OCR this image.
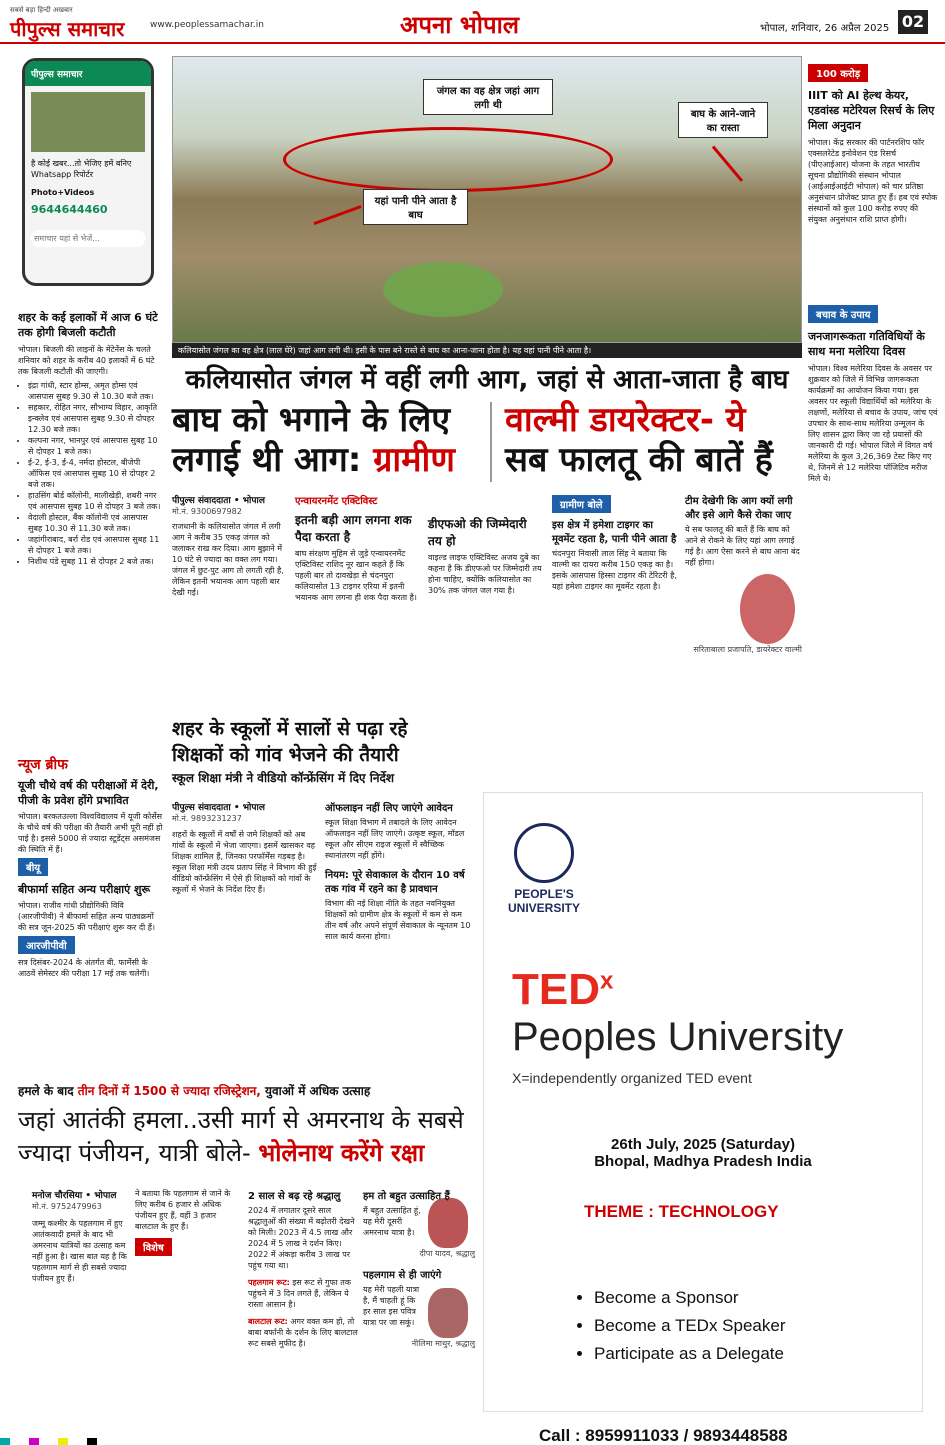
सबसे बड़ा हिन्दी अखबार
पीपुल्स समाचार	www.peoplessamachar.in	अपना भोपाल	भोपाल, शनिवार, 26 अप्रैल 2025 02
पीपुल्स समाचार
है कोई खबर...तो भेजिए हमें बनिए Whatsapp रिपोर्टर
Photo+Videos
9644644460
समाचार यहां से भेजें...
शहर के कई इलाकों में आज 6 घंटे तक होगी बिजली कटौती
भोपाल। बिजली की लाइनों के मेंटेनेंस के चलते शनिवार को शहर के करीब 40 इलाकों में 6 घंटे तक बिजली कटौती की जाएगी।
• इंद्रा गांधी, स्टार होम्स, अमृत होम्स एवं आसपास सुबह 9.30 से 10.30 बजे तक।
• सहकार, रोहित नगर, सौभाग्य विहार, आकृति इन्क्लेव एवं आसपास सुबह 9.30 से दोपहर 12.30 बजे तक।
• कल्पना नगर, भानपुर एवं आसपास सुबह 10 से दोपहर 1 बजे तक।
• ई-2, ई-3, ई-4, नर्मदा होस्टल, बीजेपी ऑफिस एवं आसपास सुबह 10 से दोपहर 2 बजे तक।
• हाउसिंग बोर्ड कॉलोनी, मालीखेड़ी, शबरी नगर एवं आसपास सुबह 10 से दोपहर 3 बजे तक।
• वेदाली होस्टल, बैंक कॉलोनी एवं आसपास सुबह 10.30 से 11.30 बजे तक।
• जहांगीराबाद, बर्रा रोड एवं आसपास सुबह 11 से दोपहर 1 बजे तक।
• निशीथ पंडे सुबह 11 से दोपहर 2 बजे तक।
न्यूज ब्रीफ
यूजी चौथे वर्ष की परीक्षाओं में देरी, पीजी के प्रवेश होंगे प्रभावित
भोपाल। बरकतउल्ला विश्वविद्यालय में यूजी कोर्सेस के चौथे वर्ष की परीक्षा की तैयारी अभी पूरी नहीं हो पाई है। इससे 5000 से ज्यादा स्टूडेंट्स असमंजस की स्थिति में हैं।
बीयू
बीफार्मा सहित अन्य परीक्षाएं शुरू
भोपाल। राजीव गांधी प्रौद्योगिकी विवि (आरजीपीवी) ने बीफार्मा सहित अन्य पाठ्यक्रमों की सत्र जून-2025 की परीक्षाएं शुरू कर दी हैं।
आरजीपीवी
सत्र दिसंबर-2024 के अंतर्गत बी. फार्मेसी के आठवें सेमेस्टर की परीक्षा 17 मई तक चलेगी।
जंगल का वह क्षेत्र जहां आग लगी थी
बाघ के आने-जाने का रास्ता
यहां पानी पीने आता है बाघ
कलियासोत जंगल का वह क्षेत्र (लाल घेरे) जहां आग लगी थी। इसी के पास बने रास्ते से बाघ का आना-जाना होता है। यह वहां पानी पीने आता है।
कलियासोत जंगल में वहीं लगी आग, जहां से आता-जाता है बाघ
बाघ को भगाने के लिए
लगाई थी आग: ग्रामीण
वाल्मी डायरेक्टर- ये
सब फालतू की बातें हैं
पीपुल्स संवाददाता • भोपाल
मो.नं. 9300697982
राजधानी के कलियासोत जंगल में लगी आग ने करीब 35 एकड़ जंगल को जलाकर राख कर दिया। आग बुझाने में 10 घंटे से ज्यादा का वक्त लग गया। जंगल में छुट-पुट आग तो लगती रही है, लेकिन इतनी भयानक आग पहली बार देखी गई।
एन्वायरनमेंट एक्टिविस्ट
इतनी बड़ी आग लगना शक पैदा करता है
बाघ संरक्षण मुहिम से जुड़े एन्वायरनमेंट एक्टिविस्ट राशिद नूर खान कहते हैं कि पहली बार तो दावखेड़ा से चंदनपुरा कलियासोत 13 टाइगर एरिया में इतनी भयानक आग लगना ही शक पैदा करता है।
डीएफओ की जिम्मेदारी तय हो
वाइल्ड लाइफ एक्टिविस्ट अजय दुबे का कहना है कि डीएफओ पर जिम्मेदारी तय होना चाहिए, क्योंकि कलियासोत का 30% तक जंगल जल गया है।
ग्रामीण बोले
इस क्षेत्र में हमेशा टाइगर का मूवमेंट रहता है, पानी पीने आता है
चंदनपुरा निवासी लाल सिंह ने बताया कि वाल्मी का दायरा करीब 150 एकड़ का है। इसके आसपास हिस्सा टाइगर की टेरिटरी है, यहां हमेशा टाइगर का मूवमेंट रहता है।
टीम देखेगी कि आग क्यों लगी और इसे आगे कैसे रोका जाए
ये सब फालतू की बातें हैं कि बाघ को आने से रोकने के लिए यहां आग लगाई गई है। आग ऐसा करने से बाघ आना बंद नहीं होगा।
सरिताबाला प्रजापति, डायरेक्टर वाल्मी
100 करोड़
IIIT को AI हेल्थ केयर, एडवांस्ड मटेरियल रिसर्च के लिए मिला अनुदान
भोपाल। केंद्र सरकार की पार्टनरशिप फॉर एक्सलरेटेड इनोवेशन एंड रिसर्च (पीएआईआर) योजना के तहत भारतीय सूचना प्रौद्योगिकी संस्थान भोपाल (आईआईआईटी भोपाल) को चार प्रतिष्ठा अनुसंधान प्रोजेक्ट प्राप्त हुए हैं। हब एवं स्पोक संस्थानों को कुल 100 करोड़ रुपए की संयुक्त अनुसंधान राशि प्राप्त होगी।
बचाव के उपाय
जनजागरूकता गतिविधियों के साथ मना मलेरिया दिवस
भोपाल। विश्व मलेरिया दिवस के अवसर पर शुक्रवार को जिले में विभिन्न जागरूकता कार्यक्रमों का आयोजन किया गया। इस अवसर पर स्कूली विद्यार्थियों को मलेरिया के लक्षणों, मलेरिया से बचाव के उपाय, जांच एवं उपचार के साथ-साथ मलेरिया उन्मूलन के लिए शासन द्वारा किए जा रहे प्रयासों की जानकारी दी गई। भोपाल जिले में विगत वर्ष मलेरिया के कुल 3,26,369 टेस्ट किए गए थे, जिनमें से 12 मलेरिया पॉजिटिव मरीज मिले थे।
शहर के स्कूलों में सालों से पढ़ा रहे
शिक्षकों को गांव भेजने की तैयारी
स्कूल शिक्षा मंत्री ने वीडियो कॉन्फ्रेंसिंग में दिए निर्देश
पीपुल्स संवाददाता • भोपाल
मो.नं. 9893231237
शहरों के स्कूलों में वर्षों से जमे शिक्षकों को अब गांवों के स्कूलों में भेजा जाएगा। इसमें खासकर वह शिक्षक शामिल हैं, जिनका परफॉर्मेंस गड़बड़ है। स्कूल शिक्षा मंत्री उदय प्रताप सिंह ने विभाग की हुई वीडियो कॉन्फ्रेंसिंग में ऐसे ही शिक्षकों को गांवों के स्कूलों में भेजने के निर्देश दिए हैं।
ऑफलाइन नहीं लिए जाएंगे आवेदन
स्कूल शिक्षा विभाग में तबादले के लिए आवेदन ऑफलाइन नहीं लिए जाएंगे। उत्कृष्ट स्कूल, मॉडल स्कूल और सीएम राइज स्कूलों में स्वैच्छिक स्थानांतरण नहीं होंगे।
नियम: पूरे सेवाकाल के दौरान 10 वर्ष तक गांव में रहने का है प्रावधान
विभाग की नई शिक्षा नीति के तहत नवनियुक्त शिक्षकों को ग्रामीण क्षेत्र के स्कूलों में कम से कम तीन वर्ष और अपने संपूर्ण सेवाकाल के न्यूनतम 10 साल कार्य करना होगा।
PEOPLE'S UNIVERSITY
TED$^x$
Peoples University
X=independently organized TED event
26th July, 2025 (Saturday)
Bhopal, Madhya Pradesh India
THEME : TECHNOLOGY
• Become a Sponsor
• Become a TEDx Speaker
• Participate as a Delegate
Call : 8959911033 / 9893448588
हमले के बाद तीन दिनों में 1500 से ज्यादा रजिस्ट्रेशन, युवाओं में अधिक उत्साह
जहां आतंकी हमला..उसी मार्ग से अमरनाथ के सबसे
ज्यादा पंजीयन, यात्री बोले- भोलेनाथ करेंगे रक्षा
मनोज चौरसिया • भोपाल
मो.नं. 9752479963
जम्मू कश्मीर के पहलगाम में हुए आतंकवादी हमले के बाद भी अमरनाथ यात्रियों का उत्साह कम नहीं हुआ है। खास बात यह है कि पहलगाम मार्ग से ही सबसे ज्यादा पंजीयन हुए हैं।
ने बताया कि पहलगाम से जाने के लिए करीब 6 हजार से अधिक पंजीयन हुए हैं, वहीं 3 हजार बालटाल के हुए हैं।
विशेष
2 साल से बढ़ रहे श्रद्धालु
2024 में लगातार दूसरे साल श्रद्धालुओं की संख्या में बढ़ोतरी देखने को मिली। 2023 में 4.5 लाख और 2024 में 5 लाख ने दर्शन किए। 2022 में अंकड़ा करीब 3 लाख पर पहुंच गया था।
पहलगाम रूट: इस रूट से गुफा तक पहुंचने में 3 दिन लगते हैं, लेकिन ये रास्ता आसान है।
बालटाल रूट: अगर वक्त कम हो, तो बाबा बर्फानी के दर्शन के लिए बालटाल रूट सबसे मुफीद है।
हम तो बहुत उत्साहित हैं
मैं बहुत उत्साहित हूं, यह मेरी दूसरी अमरनाथ यात्रा है।
दीपा यादव, श्रद्धालु
पहलगाम से ही जाएंगे
यह मेरी पहली यात्रा है, मैं चाहती हूं कि हर साल इस पवित्र यात्रा पर जा सकूं।
नीलिमा माथुर, श्रद्धालु
